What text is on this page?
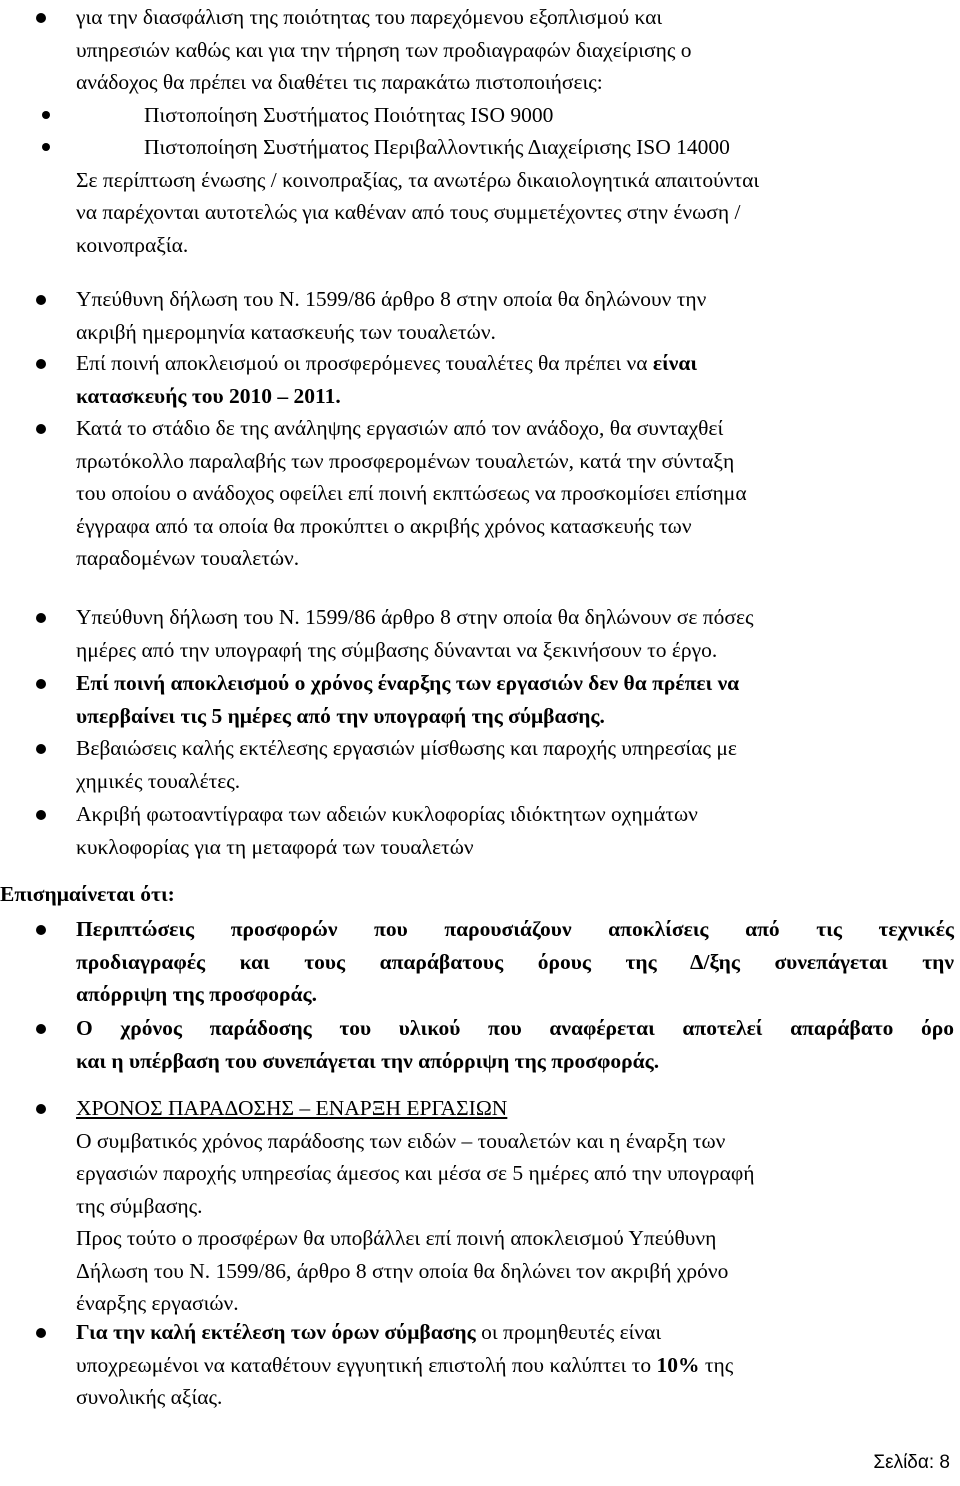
για την διασφάλιση της ποιότητας του παρεχόμενου εξοπλισμού και
υπηρεσιών καθώς και για την τήρηση των προδιαγραφών διαχείρισης ο
ανάδοχος θα πρέπει να διαθέτει τις παρακάτω πιστοποιήσεις:
Πιστοποίηση Συστήματος Ποιότητας ISO 9000
Πιστοποίηση Συστήματος Περιβαλλοντικής Διαχείρισης ISO 14000
Σε περίπτωση ένωσης / κοινοπραξίας, τα ανωτέρω δικαιολογητικά απαιτούνται
να παρέχονται αυτοτελώς για καθέναν από τους συμμετέχοντες στην ένωση /
κοινοπραξία.
Υπεύθυνη δήλωση του Ν. 1599/86 άρθρο 8 στην οποία θα δηλώνουν την
ακριβή ημερομηνία κατασκευής των τουαλετών.
Επί ποινή αποκλεισμού οι προσφερόμενες τουαλέτες θα πρέπει να είναι
κατασκευής του 2010 – 2011.
Κατά το στάδιο δε της ανάληψης εργασιών από τον ανάδοχο, θα συνταχθεί
πρωτόκολλο παραλαβής των προσφερομένων τουαλετών, κατά την σύνταξη
του οποίου ο ανάδοχος οφείλει επί ποινή εκπτώσεως να προσκομίσει επίσημα
έγγραφα από τα οποία θα προκύπτει ο ακριβής χρόνος κατασκευής των
παραδομένων τουαλετών.
Υπεύθυνη δήλωση του Ν. 1599/86 άρθρο 8 στην οποία θα δηλώνουν σε πόσες
ημέρες από την υπογραφή της σύμβασης δύνανται να ξεκινήσουν το έργο.
Επί ποινή αποκλεισμού ο χρόνος έναρξης των εργασιών δεν θα πρέπει να
υπερβαίνει τις 5 ημέρες από την υπογραφή της σύμβασης.
Βεβαιώσεις καλής εκτέλεσης εργασιών μίσθωσης και παροχής υπηρεσίας με
χημικές τουαλέτες.
Ακριβή φωτοαντίγραφα των αδειών κυκλοφορίας ιδιόκτητων οχημάτων
κυκλοφορίας για τη μεταφορά των τουαλετών
Επισημαίνεται ότι:
Περιπτώσεις προσφορών που παρουσιάζουν αποκλίσεις από τις τεχνικές
προδιαγραφές και τους απαράβατους όρους της Δ/ξης συνεπάγεται την
απόρριψη της προσφοράς.
Ο χρόνος παράδοσης του υλικού που αναφέρεται αποτελεί απαράβατο όρο
και η υπέρβαση του συνεπάγεται την απόρριψη της προσφοράς.
ΧΡΟΝΟΣ ΠΑΡΑΔΟΣΗΣ – ΕΝΑΡΞΗ ΕΡΓΑΣΙΩΝ
Ο συμβατικός χρόνος παράδοσης των ειδών – τουαλετών και η έναρξη των
εργασιών παροχής υπηρεσίας άμεσος και μέσα σε 5 ημέρες από την υπογραφή
της σύμβασης.
Προς τούτο ο προσφέρων θα υποβάλλει επί ποινή αποκλεισμού Υπεύθυνη
Δήλωση του Ν. 1599/86, άρθρο 8 στην οποία θα δηλώνει τον ακριβή χρόνο
έναρξης εργασιών.
Για την καλή εκτέλεση των όρων σύμβασης οι προμηθευτές είναι
υποχρεωμένοι να καταθέτουν εγγυητική επιστολή που καλύπτει το 10% της
συνολικής αξίας.
Σελίδα: 8
